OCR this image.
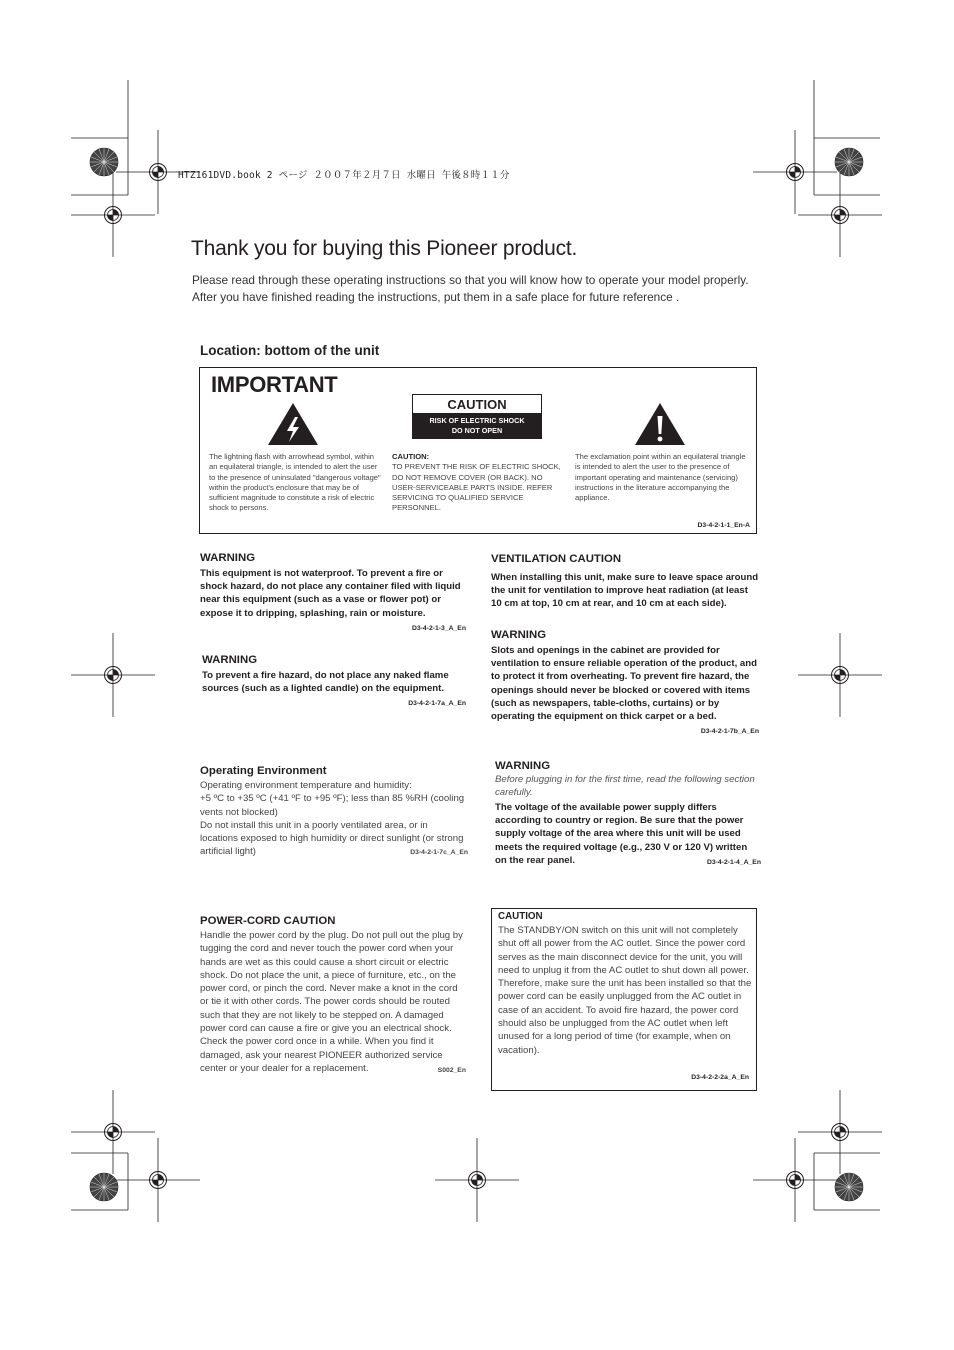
HTZ161DVD.book 2 ページ ２００７年２月７日 水曜日 午後８時１１分
Thank you for buying this Pioneer product.
Please read through these operating instructions so that you will know how to operate your model properly. After you have finished reading the instructions, put them in a safe place for future reference .
Location: bottom of the unit
IMPORTANT
CAUTION
RISK OF ELECTRIC SHOCK
DO NOT OPEN
The lightning flash with arrowhead symbol, within an equilateral triangle, is intended to alert the user to the presence of uninsulated "dangerous voltage" within the product's enclosure that may be of sufficient magnitude to constitute a risk of electric shock to persons.
CAUTION:
TO PREVENT THE RISK OF ELECTRIC SHOCK, DO NOT REMOVE COVER (OR BACK). NO USER-SERVICEABLE PARTS INSIDE. REFER SERVICING TO QUALIFIED SERVICE PERSONNEL.
The exclamation point within an equilateral triangle is intended to alert the user to the presence of important operating and maintenance (servicing) instructions in the literature accompanying the appliance.
D3-4-2-1-1_En-A
WARNING
This equipment is not waterproof. To prevent a fire or shock hazard, do not place any container filed with liquid near this equipment (such as a vase or flower pot) or expose it to dripping, splashing, rain or moisture.
D3-4-2-1-3_A_En
WARNING
To prevent a fire hazard, do not place any naked flame sources (such as a lighted candle) on the equipment.
D3-4-2-1-7a_A_En
Operating Environment
Operating environment temperature and humidity:
+5 ºC to +35 ºC (+41 ºF to +95 ºF); less than 85 %RH (cooling vents not blocked)
Do not install this unit in a poorly ventilated area, or in locations exposed to high humidity or direct sunlight (or strong artificial light)	D3-4-2-1-7c_A_En
POWER-CORD CAUTION
Handle the power cord by the plug. Do not pull out the plug by tugging the cord and never touch the power cord when your hands are wet as this could cause a short circuit or electric shock. Do not place the unit, a piece of furniture, etc., on the power cord, or pinch the cord. Never make a knot in the cord or tie it with other cords. The power cords should be routed such that they are not likely to be stepped on. A damaged power cord can cause a fire or give you an electrical shock. Check the power cord once in a while. When you find it damaged, ask your nearest PIONEER authorized service center or your dealer for a replacement.	S002_En
VENTILATION CAUTION
When installing this unit, make sure to leave space around the unit for ventilation to improve heat radiation (at least 10 cm at top, 10 cm at rear, and 10 cm at each side).
WARNING
Slots and openings in the cabinet are provided for ventilation to ensure reliable operation of the product, and to protect it from overheating. To prevent fire hazard, the openings should never be blocked or covered with items (such as newspapers, table-cloths, curtains) or by operating the equipment on thick carpet or a bed.
D3-4-2-1-7b_A_En
WARNING
Before plugging in for the first time, read the following section carefully.
The voltage of the available power supply differs according to country or region. Be sure that the power supply voltage of the area where this unit will be used meets the required voltage (e.g., 230 V or 120 V) written on the rear panel.	D3-4-2-1-4_A_En
CAUTION
The STANDBY/ON switch on this unit will not completely shut off all power from the AC outlet. Since the power cord serves as the main disconnect device for the unit, you will need to unplug it from the AC outlet to shut down all power. Therefore, make sure the unit has been installed so that the power cord can be easily unplugged from the AC outlet in case of an accident. To avoid fire hazard, the power cord should also be unplugged from the AC outlet when left unused for a long period of time (for example, when on vacation).
D3-4-2-2-2a_A_En
